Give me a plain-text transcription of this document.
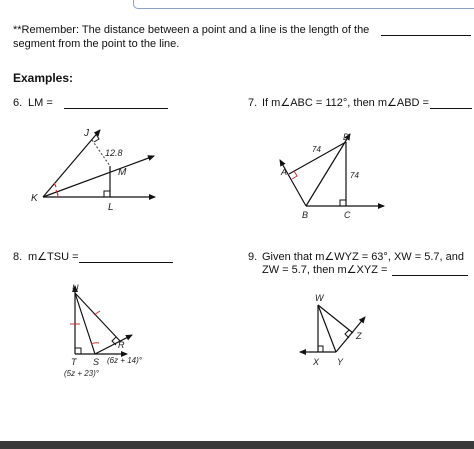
**Remember: The distance between a point and a line is the length of the
segment from the point to the line.
Examples:
6. LM =	7. If m∠ABC = 112°, then m∠ABD =
8. m∠TSU =	9. Given that m∠WYZ = 63°, XW = 5.7, and
ZW = 5.7, then m∠XYZ =
J
K
M
L
12.8
D
A
B	C
74
74
U
R
T S (6z + 14)°
(5z + 23)°
W
Z
X Y
